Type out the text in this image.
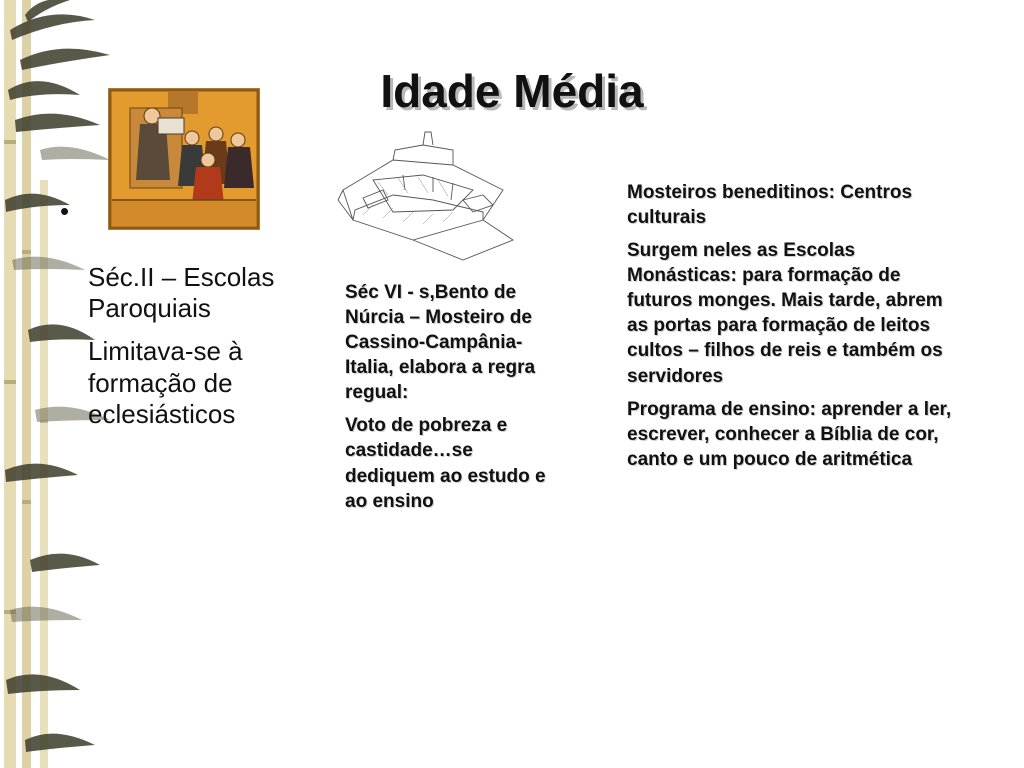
Idade Média
•

Séc.II – Escolas Paroquiais

Limitava-se à formação de eclesiásticos

Séc VI - s,Bento de Núrcia – Mosteiro de Cassino-Campânia- Italia, elabora a regra regual:

Voto de pobreza e castidade…se dediquem ao estudo e ao ensino

Mosteiros beneditinos: Centros culturais

Surgem neles as Escolas Monásticas: para formação de futuros monges. Mais tarde, abrem as portas para formação de leitos cultos – filhos de reis e também os servidores

Programa de ensino: aprender a ler, escrever, conhecer a Bíblia de cor, canto e um pouco de aritmética
